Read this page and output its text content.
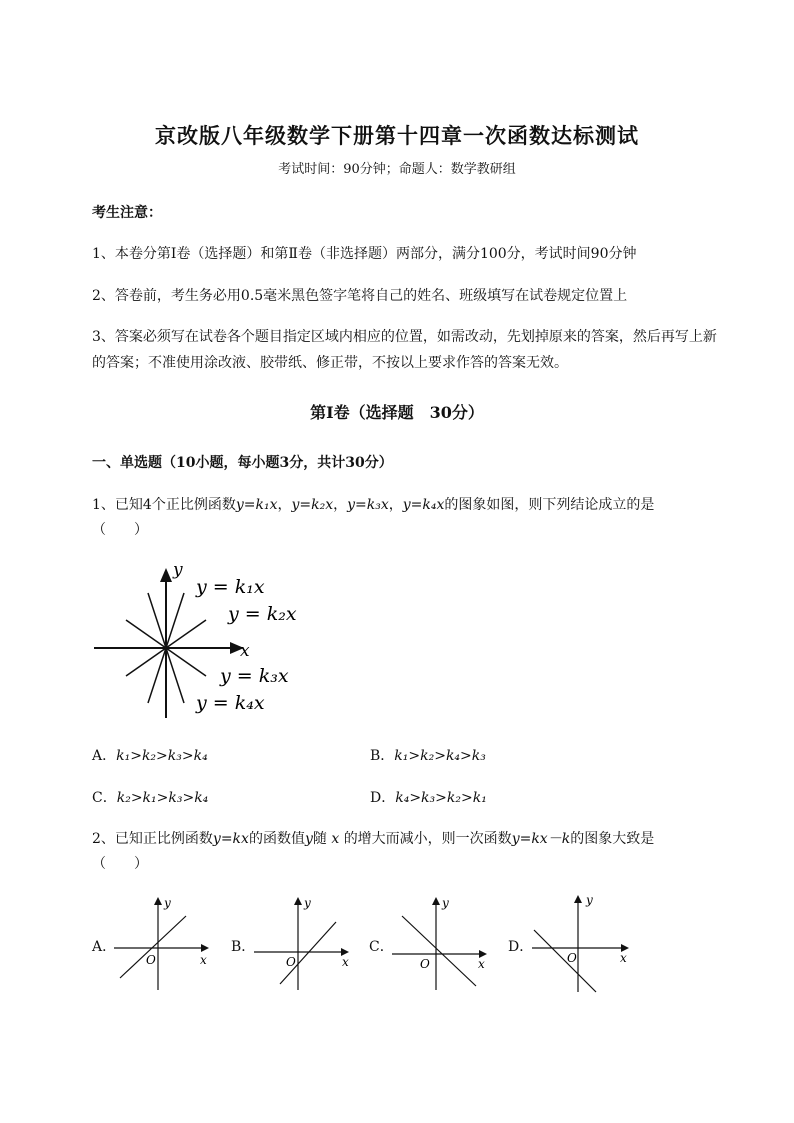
京改版八年级数学下册第十四章一次函数达标测试
考试时间：90分钟；命题人：数学教研组
考生注意：
1、本卷分第I卷（选择题）和第Ⅱ卷（非选择题）两部分，满分100分，考试时间90分钟
2、答卷前，考生务必用0.5毫米黑色签字笔将自己的姓名、班级填写在试卷规定位置上
3、答案必须写在试卷各个题目指定区域内相应的位置，如需改动，先划掉原来的答案，然后再写上新
的答案；不准使用涂改液、胶带纸、修正带，不按以上要求作答的答案无效。
第I卷（选择题　30分）
一、单选题（10小题，每小题3分，共计30分）
1、已知4个正比例函数y=k₁x，y=k₂x，y=k₃x，y=k₄x的图象如图，则下列结论成立的是
（　　）
y
x
y = k₁x
y = k₂x
y = k₃x
y = k₄x
A．k₁>k₂>k₃>k₄	B．k₁>k₂>k₄>k₃
C．k₂>k₁>k₃>k₄	D．k₄>k₃>k₂>k₁
2、已知正比例函数y=kx的函数值y随 x 的增大而减小，则一次函数y=kx－k的图象大致是
（　　）
A．
y
x
O
B．
y
x
O
C．
y
x
O
D．
y
x
O
